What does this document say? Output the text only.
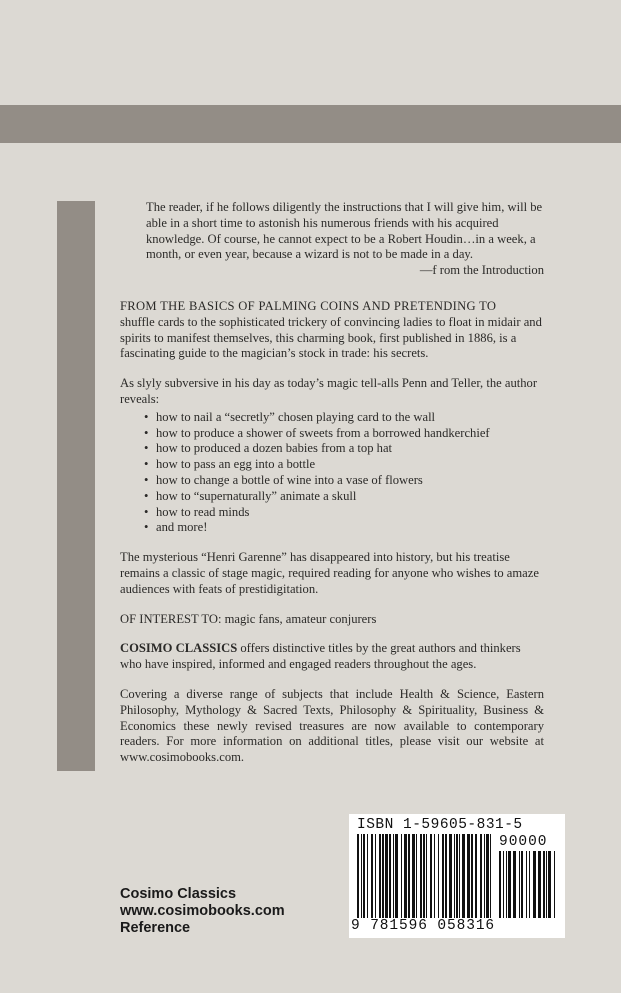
The reader, if he follows diligently the instructions that I will give him, will be able in a short time to astonish his numerous friends with his acquired knowledge. Of course, he cannot expect to be a Robert Houdin…in a week, a month, or even year, because a wizard is not to be made in a day.

—f rom the Introduction

FROM THE BASICS OF PALMING COINS AND PRETENDING TO
shuffle cards to the sophisticated trickery of convincing ladies to float in midair and spirits to manifest themselves, this charming book, first published in 1886, is a fascinating guide to the magician’s stock in trade: his secrets.

As slyly subversive in his day as today’s magic tell-alls Penn and Teller, the author reveals:

• how to nail a “secretly” chosen playing card to the wall
• how to produce a shower of sweets from a borrowed handkerchief
• how to produced a dozen babies from a top hat
• how to pass an egg into a bottle
• how to change a bottle of wine into a vase of flowers
• how to “supernaturally” animate a skull
• how to read minds
• and more!

The mysterious “Henri Garenne” has disappeared into history, but his treatise remains a classic of stage magic, required reading for anyone who wishes to amaze audiences with feats of prestidigitation.

OF INTEREST TO: magic fans, amateur conjurers

COSIMO CLASSICS offers distinctive titles by the great authors and thinkers who have inspired, informed and engaged readers throughout the ages.

Covering a diverse range of subjects that include Health & Science, Eastern Philosophy, Mythology & Sacred Texts, Philosophy & Spirituality, Business & Economics these newly revised treasures are now available to contemporary readers. For more information on additional titles, please visit our website at www.cosimobooks.com.

Cosimo Classics
www.cosimobooks.com
Reference
ISBN 1-59605-831-5
90000
9 781596 058316
